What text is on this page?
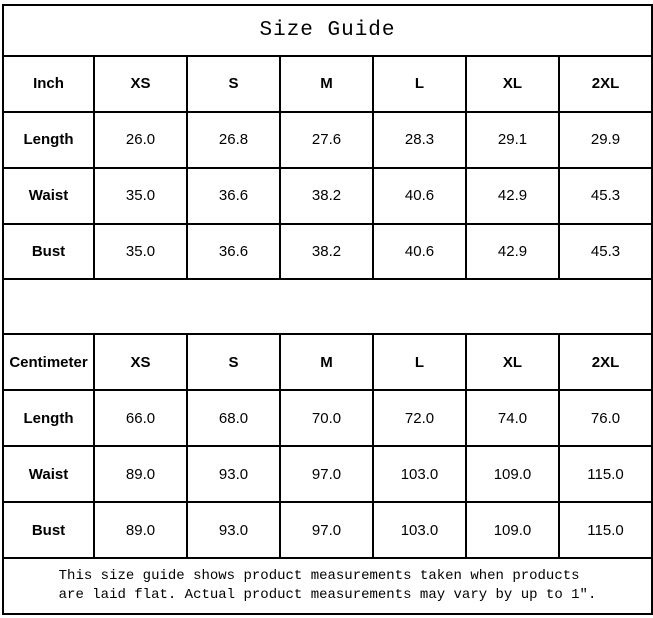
Size Guide						
Inch	XS	S	M	L	XL	2XL
Length	26.0	26.8	27.6	28.3	29.1	29.9
Waist	35.0	36.6	38.2	40.6	42.9	45.3
Bust	35.0	36.6	38.2	40.6	42.9	45.3

Centimeter	XS	S	M	L	XL	2XL
Length	66.0	68.0	70.0	72.0	74.0	76.0
Waist	89.0	93.0	97.0	103.0	109.0	115.0
Bust	89.0	93.0	97.0	103.0	109.0	115.0
This size guide shows product measurements taken when products
are laid flat. Actual product measurements may vary by up to 1″.						
